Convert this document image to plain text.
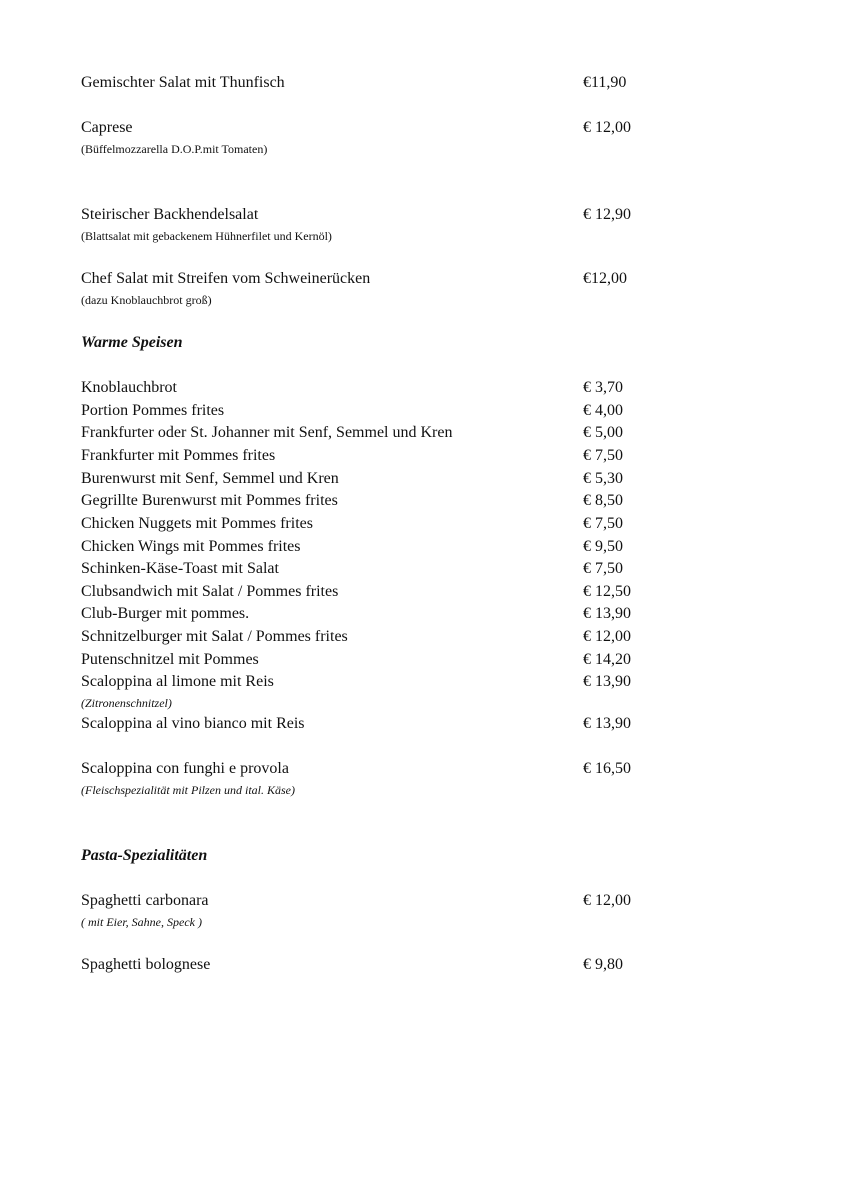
Gemischter Salat mit Thunfisch	€11,90
Caprese	€ 12,00
(Büffelmozzarella D.O.P.mit Tomaten)
Steirischer Backhendelsalat	€ 12,90
(Blattsalat mit gebackenem Hühnerfilet und Kernöl)
Chef Salat mit Streifen vom Schweinerücken	€12,00
(dazu Knoblauchbrot groß)
Warme Speisen
Knoblauchbrot	€ 3,70
Portion Pommes frites	€ 4,00
Frankfurter oder St. Johanner mit Senf, Semmel und Kren	€ 5,00
Frankfurter mit Pommes frites	€ 7,50
Burenwurst mit Senf, Semmel und Kren	€ 5,30
Gegrillte Burenwurst mit Pommes frites	€ 8,50
Chicken Nuggets mit Pommes frites	€ 7,50
Chicken Wings mit Pommes frites	€ 9,50
Schinken-Käse-Toast mit Salat	€ 7,50
Clubsandwich mit Salat / Pommes frites	€ 12,50
Club-Burger mit pommes.	€ 13,90
Schnitzelburger mit Salat / Pommes frites	€ 12,00
Putenschnitzel mit Pommes	€ 14,20
Scaloppina al limone mit Reis	€ 13,90
(Zitronenschnitzel)
Scaloppina al vino bianco mit Reis	€ 13,90
Scaloppina con funghi e provola	€ 16,50
(Fleischspezialität mit Pilzen und ital. Käse)
Pasta-Spezialitäten
Spaghetti carbonara	€ 12,00
( mit Eier, Sahne, Speck )
Spaghetti bolognese	€ 9,80
